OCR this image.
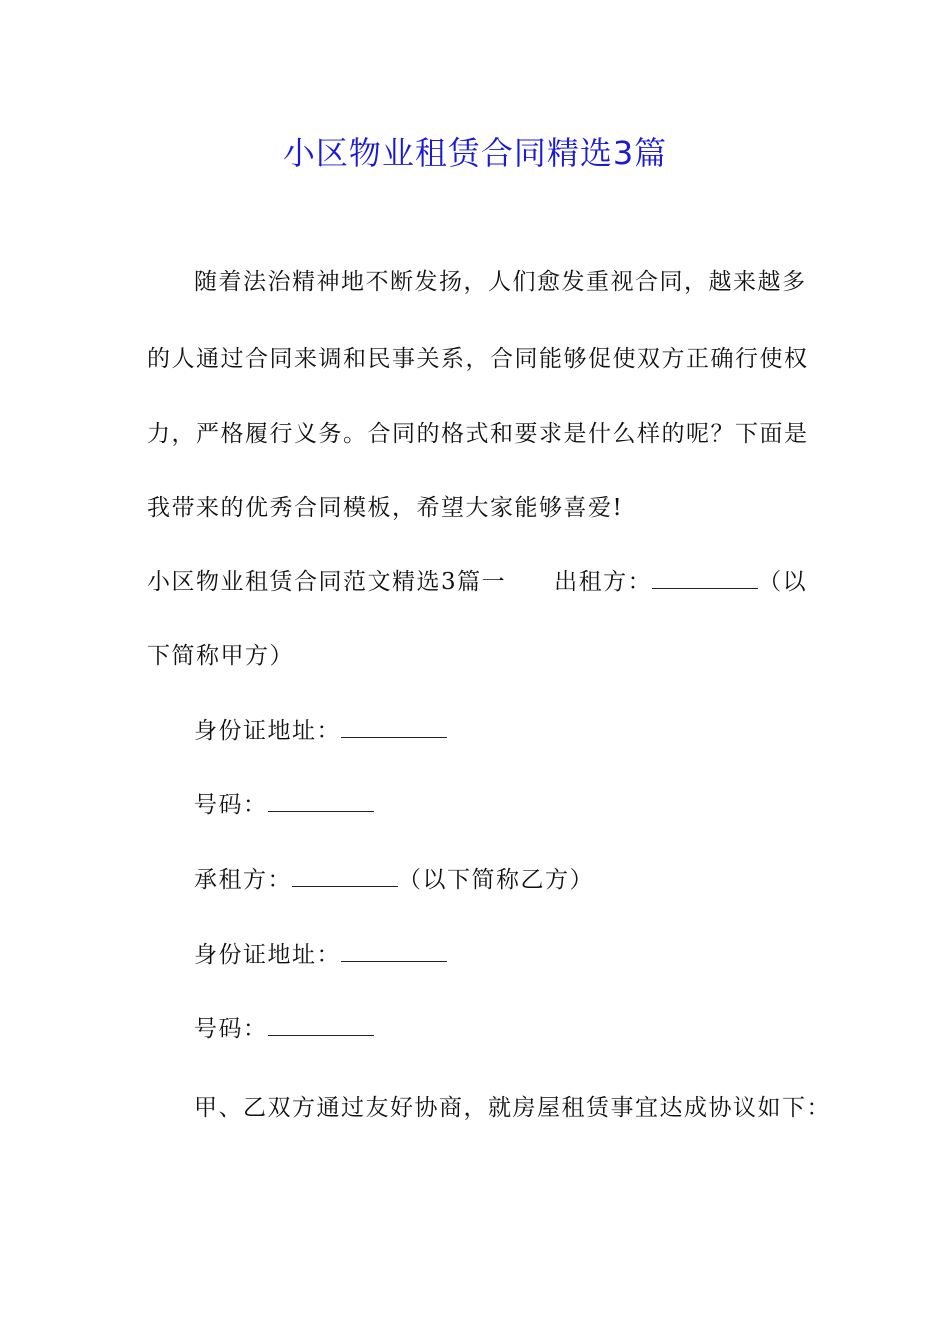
小区物业租赁合同精选3篇
随着法治精神地不断发扬，人们愈发重视合同，越来越多
的人通过合同来调和民事关系，合同能够促使双方正确行使权
力，严格履行义务。合同的格式和要求是什么样的呢？下面是
我带来的优秀合同模板，希望大家能够喜爱!
小区物业租赁合同范文精选3篇一 出租方：	（以
下简称甲方）
身份证地址：
号码：
承租方：	（以下简称乙方）
身份证地址：
号码：
甲、乙双方通过友好协商，就房屋租赁事宜达成协议如下：
